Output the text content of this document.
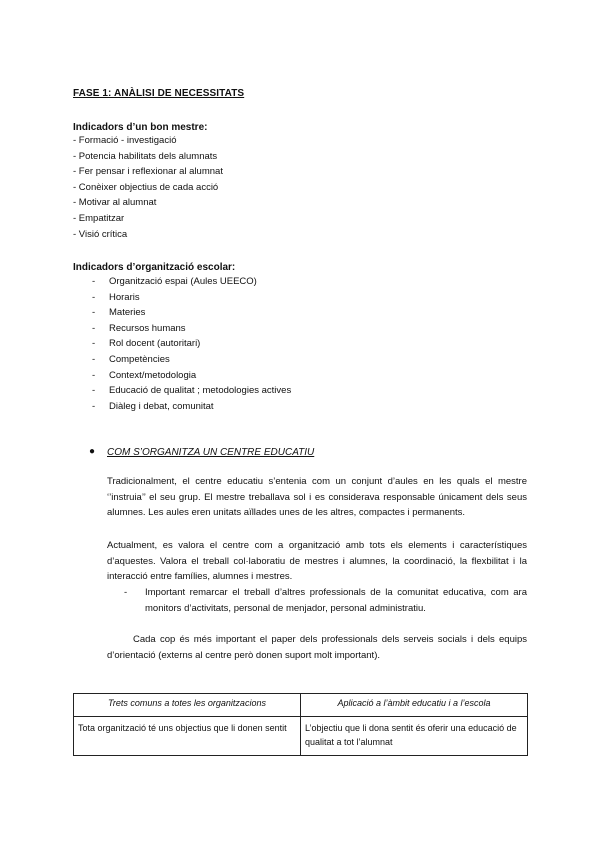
FASE 1: ANÀLISI DE NECESSITATS
Indicadors d’un bon mestre:
- Formació - investigació
- Potencia habilitats dels alumnats
- Fer pensar i reflexionar al alumnat
- Conèixer objectius de cada acció
- Motivar al alumnat
- Empatitzar
- Visió crítica
Indicadors d’organització escolar:
- Organització espai (Aules UEECO)
- Horaris
- Materies
- Recursos humans
- Rol docent (autoritari)
- Competències
- Context/metodologia
- Educació de qualitat ; metodologies actives
- Diàleg i debat, comunitat
● COM S’ORGANITZA UN CENTRE EDUCATIU

Tradicionalment, el centre educatiu s’entenia com un conjunt d’aules en les quals el mestre ‘’instruia’’ el seu grup. El mestre treballava sol i es considerava responsable únicament dels seus alumnes. Les aules eren unitats aïllades unes de les altres, compactes i permanents.

Actualment, es valora el centre com a organització amb tots els elements i característiques d’aquestes. Valora el treball col·laboratiu de mestres i alumnes, la coordinació, la flexbilitat i la interacció entre famílies, alumnes i mestres.

- Important remarcar el treball d’altres professionals de la comunitat educativa, com ara monitors d’activitats, personal de menjador, personal administratiu.

Cada cop és més important el paper dels professionals dels serveis socials i dels equips d’orientació (externs al centre però donen suport molt important).

Trets comuns a totes les organitzacions	Aplicació a l’àmbit educatiu i a l’escola
Tota organització té uns objectius que li donen sentit	L’objectiu que li dona sentit és oferir una educació de qualitat a tot l’alumnat
